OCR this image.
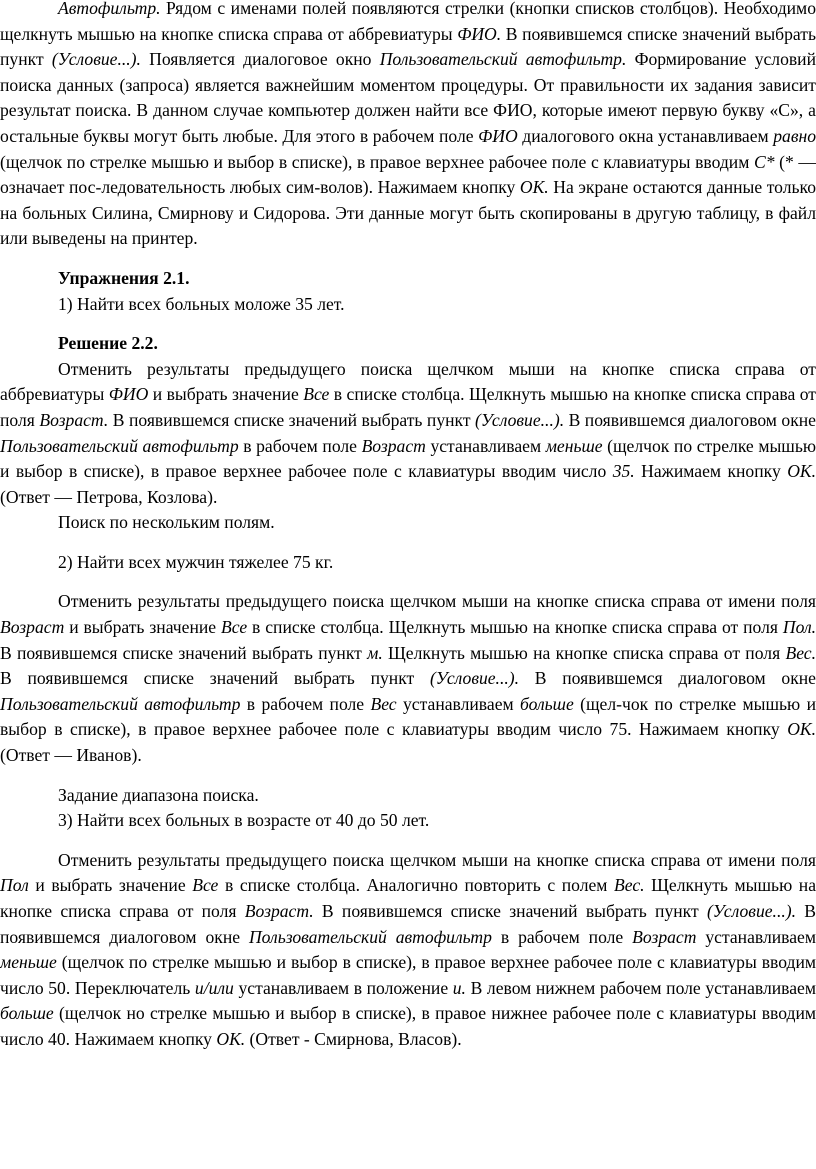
Автофильтр. Рядом с именами полей появляются стрелки (кнопки списков столбцов). Необходимо щелкнуть мышью на кнопке списка справа от аббревиатуры ФИО. В появившемся списке значений выбрать пункт (Условие...). Появляется диалоговое окно Пользовательский автофильтр. Формирование условий поиска данных (запроса) является важнейшим моментом процедуры. От правильности их задания зависит результат поиска. В данном случае компьютер должен найти все ФИО, которые имеют первую букву «С», а остальные буквы могут быть любые. Для этого в рабочем поле ФИО диалогового окна устанавливаем равно (щелчок по стрелке мышью и выбор в списке), в правое верхнее рабочее поле с клавиатуры вводим С* (* — означает пос-ледовательность любых сим-волов). Нажимаем кнопку ОК. На экране остаются данные только на больных Силина, Смирнову и Сидорова. Эти данные могут быть скопированы в другую таблицу, в файл или выведены на принтер.

Упражнения 2.1.

1) Найти всех больных моложе 35 лет.

Решение 2.2.

Отменить результаты предыдущего поиска щелчком мыши на кнопке списка справа от аббревиатуры ФИО и выбрать значение Все в списке столбца. Щелкнуть мышью на кнопке списка справа от поля Возраст. В появившемся списке значений выбрать пункт (Условие...). В появившемся диалоговом окне Пользовательский автофильтр в рабочем поле Возраст устанавливаем меньше (щелчок по стрелке мышью и выбор в списке), в правое верхнее рабочее поле с клавиатуры вводим число 35. Нажимаем кнопку ОК. (Ответ — Петрова, Козлова).

Поиск по нескольким полям.

2) Найти всех мужчин тяжелее 75 кг.

Отменить результаты предыдущего поиска щелчком мыши на кнопке списка справа от имени поля Возраст и выбрать значение Все в списке столбца. Щелкнуть мышью на кнопке списка справа от поля Пол. В появившемся списке значений выбрать пункт м. Щелкнуть мышью на кнопке списка справа от поля Вес. В появившемся списке значений выбрать пункт (Условие...). В появившемся диалоговом окне Пользовательский автофильтр в рабочем поле Вес устанавливаем больше (щел-чок по стрелке мышью и выбор в списке), в правое верхнее рабочее поле с клавиатуры вводим число 75. Нажимаем кнопку ОК. (Ответ — Иванов).

Задание диапазона поиска.

3) Найти всех больных в возрасте от 40 до 50 лет.

Отменить результаты предыдущего поиска щелчком мыши на кнопке списка справа от имени поля Пол и выбрать значение Все в списке столбца. Аналогично повторить с полем Вес. Щелкнуть мышью на кнопке списка справа от поля Возраст. В появившемся списке значений выбрать пункт (Условие...). В появившемся диалоговом окне Пользовательский автофильтр в рабочем поле Возраст устанавливаем меньше (щелчок по стрелке мышью и выбор в списке), в правое верхнее рабочее поле с клавиатуры вводим число 50. Переключатель и/или устанавливаем в положение и. В левом нижнем рабочем поле устанавливаем больше (щелчок но стрелке мышью и выбор в списке), в правое нижнее рабочее поле с клавиатуры вводим число 40. Нажимаем кнопку ОК. (Ответ - Смирнова, Власов).
